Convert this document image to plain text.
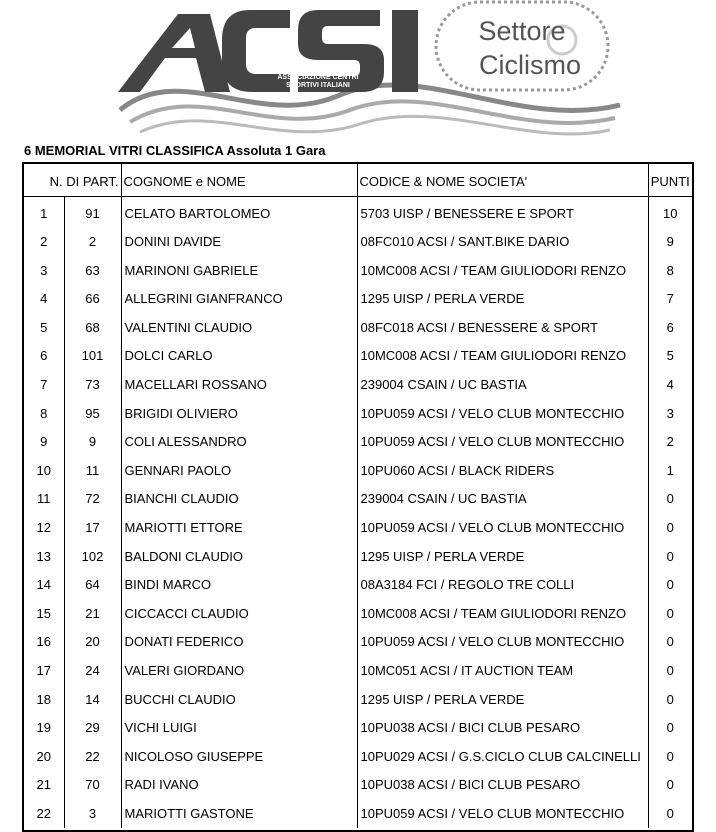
ASSOCIAZIONE CENTRI
SPORTIVI ITALIANI
Settore
Ciclismo
6 MEMORIAL VITRI CLASSIFICA Assoluta 1 Gara
N. DI PART.		COGNOME e NOME	CODICE & NOME SOCIETA'	PUNTI
1	91	CELATO BARTOLOMEO	5703 UISP / BENESSERE E SPORT	10
2	2	DONINI DAVIDE	08FC010 ACSI / SANT.BIKE DARIO	9
3	63	MARINONI GABRIELE	10MC008 ACSI / TEAM GIULIODORI RENZO	8
4	66	ALLEGRINI GIANFRANCO	1295 UISP / PERLA VERDE	7
5	68	VALENTINI CLAUDIO	08FC018 ACSI / BENESSERE & SPORT	6
6	101	DOLCI CARLO	10MC008 ACSI / TEAM GIULIODORI RENZO	5
7	73	MACELLARI ROSSANO	239004 CSAIN / UC BASTIA	4
8	95	BRIGIDI OLIVIERO	10PU059 ACSI / VELO CLUB MONTECCHIO	3
9	9	COLI ALESSANDRO	10PU059 ACSI / VELO CLUB MONTECCHIO	2
10	11	GENNARI PAOLO	10PU060 ACSI / BLACK RIDERS	1
11	72	BIANCHI CLAUDIO	239004 CSAIN / UC BASTIA	0
12	17	MARIOTTI ETTORE	10PU059 ACSI / VELO CLUB MONTECCHIO	0
13	102	BALDONI CLAUDIO	1295 UISP / PERLA VERDE	0
14	64	BINDI MARCO	08A3184 FCI / REGOLO TRE COLLI	0
15	21	CICCACCI CLAUDIO	10MC008 ACSI / TEAM GIULIODORI RENZO	0
16	20	DONATI FEDERICO	10PU059 ACSI / VELO CLUB MONTECCHIO	0
17	24	VALERI GIORDANO	10MC051 ACSI / IT AUCTION TEAM	0
18	14	BUCCHI CLAUDIO	1295 UISP / PERLA VERDE	0
19	29	VICHI LUIGI	10PU038 ACSI / BICI CLUB PESARO	0
20	22	NICOLOSO GIUSEPPE	10PU029 ACSI / G.S.CICLO CLUB CALCINELLI	0
21	70	RADI IVANO	10PU038 ACSI / BICI CLUB PESARO	0
22	3	MARIOTTI GASTONE	10PU059 ACSI / VELO CLUB MONTECCHIO	0
